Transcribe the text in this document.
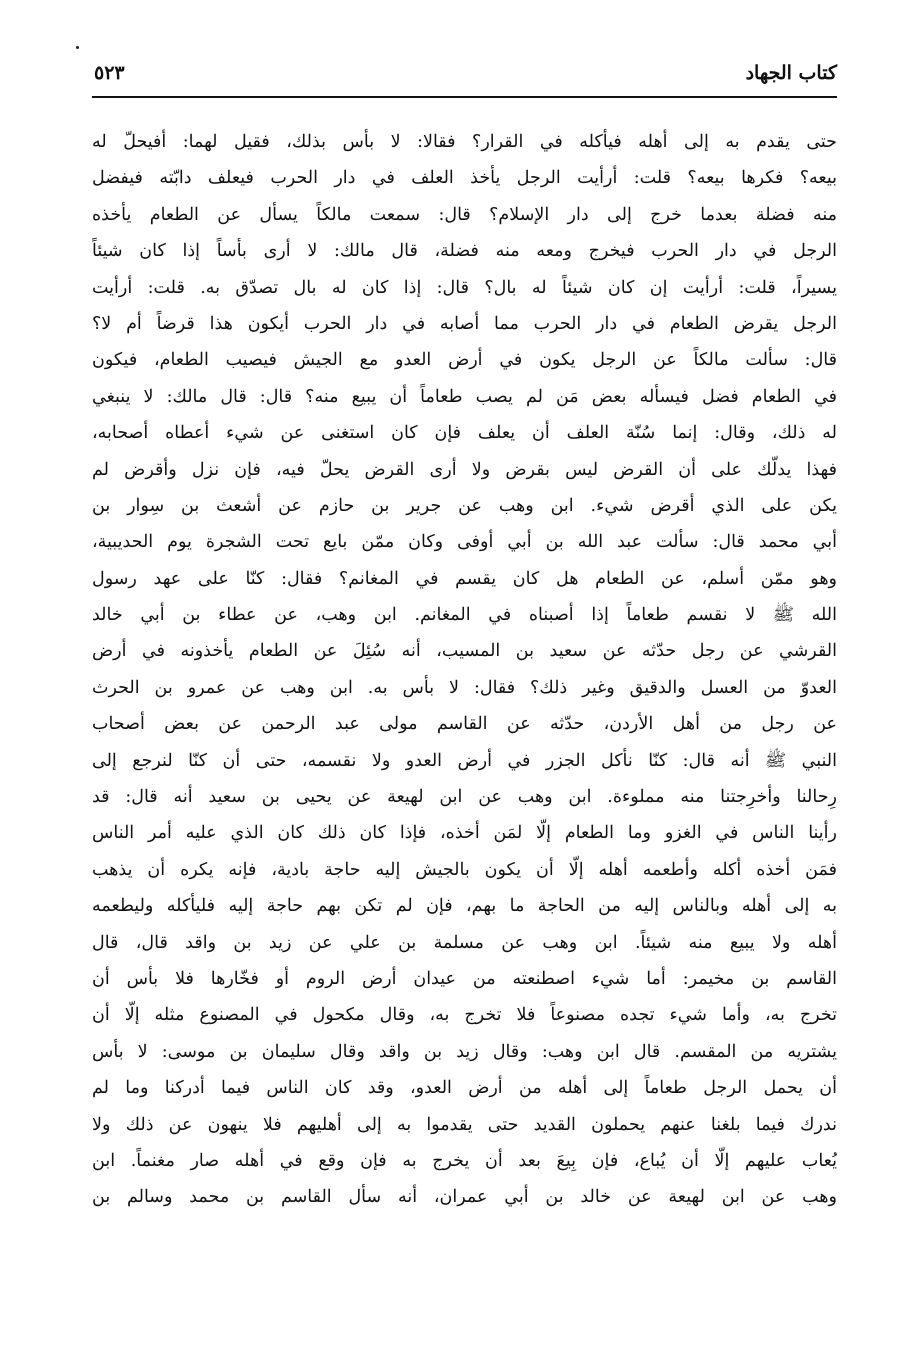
كتاب الجهاد
٥٢٣
حتى يقدم به إلى أهله فيأكله في القرار؟ فقالا: لا بأس بذلك، فقيل لهما: أفيحلّ له
بيعه؟ فكرها بيعه؟ قلت: أرأيت الرجل يأخذ العلف في دار الحرب فيعلف دابّته فيفضل
منه فضلة بعدما خرج إلى دار الإسلام؟ قال: سمعت مالكاً يسأل عن الطعام يأخذه
الرجل في دار الحرب فيخرج ومعه منه فضلة، قال مالك: لا أرى بأساً إذا كان شيئاً
يسيراً، قلت: أرأيت إن كان شيئاً له بال؟ قال: إذا كان له بال تصدّق به. قلت: أرأيت
الرجل يقرض الطعام في دار الحرب مما أصابه في دار الحرب أيكون هذا قرضاً أم لا؟
قال: سألت مالكاً عن الرجل يكون في أرض العدو مع الجيش فيصيب الطعام، فيكون
في الطعام فضل فيسأله بعض مَن لم يصب طعاماً أن يبيع منه؟ قال: قال مالك: لا ينبغي
له ذلك، وقال: إنما سُنّة العلف أن يعلف فإن كان استغنى عن شيء أعطاه أصحابه،
فهذا يدلّك على أن القرض ليس بقرض ولا أرى القرض يحلّ فيه، فإن نزل وأقرض لم
يكن على الذي أقرض شيء. ابن وهب عن جرير بن حازم عن أشعث بن سِوار بن
أبي محمد قال: سألت عبد الله بن أبي أوفى وكان ممّن بايع تحت الشجرة يوم الحديبية،
وهو ممّن أسلم، عن الطعام هل كان يقسم في المغانم؟ فقال: كنّا على عهد رسول
الله ﷺ لا نقسم طعاماً إذا أصبناه في المغانم. ابن وهب، عن عطاء بن أبي خالد
القرشي عن رجل حدّثه عن سعيد بن المسيب، أنه سُئِلَ عن الطعام يأخذونه في أرض
العدوّ من العسل والدقيق وغير ذلك؟ فقال: لا بأس به. ابن وهب عن عمرو بن الحرث
عن رجل من أهل الأردن، حدّثه عن القاسم مولى عبد الرحمن عن بعض أصحاب
النبي ﷺ أنه قال: كنّا نأكل الجزر في أرض العدو ولا نقسمه، حتى أن كنّا لنرجع إلى
رِحالنا وأخرِجتنا منه مملوءة. ابن وهب عن ابن لهيعة عن يحيى بن سعيد أنه قال: قد
رأينا الناس في الغزو وما الطعام إلّا لمَن أخذه، فإذا كان ذلك كان الذي عليه أمر الناس
فمَن أخذه أكله وأطعمه أهله إلّا أن يكون بالجيش إليه حاجة بادية، فإنه يكره أن يذهب
به إلى أهله وبالناس إليه من الحاجة ما بهم، فإن لم تكن بهم حاجة إليه فليأكله وليطعمه
أهله ولا يبيع منه شيئاً. ابن وهب عن مسلمة بن علي عن زيد بن واقد قال، قال
القاسم بن مخيمر: أما شيء اصطنعته من عيدان أرض الروم أو فخّارها فلا بأس أن
تخرج به، وأما شيء تجده مصنوعاً فلا تخرج به، وقال مكحول في المصنوع مثله إلّا أن
يشتريه من المقسم. قال ابن وهب: وقال زيد بن واقد وقال سليمان بن موسى: لا بأس
أن يحمل الرجل طعاماً إلى أهله من أرض العدو، وقد كان الناس فيما أدركنا وما لم
ندرك فيما بلغنا عنهم يحملون القديد حتى يقدموا به إلى أهليهم فلا ينهون عن ذلك ولا
يُعاب عليهم إلّا أن يُباع، فإن بِيعَ بعد أن يخرج به فإن وقع في أهله صار مغنماً. ابن
وهب عن ابن لهيعة عن خالد بن أبي عمران، أنه سأل القاسم بن محمد وسالم بن
